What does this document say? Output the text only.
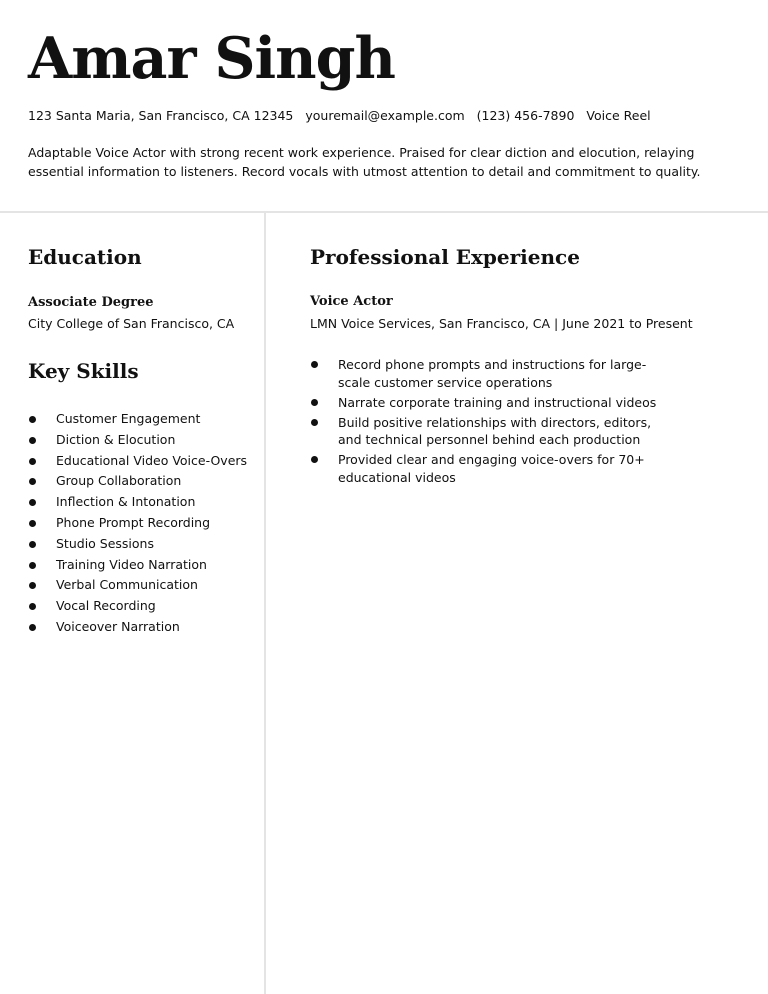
Amar Singh
123 Santa Maria, San Francisco, CA 12345 youremail@example.com (123) 456-7890 Voice Reel
Adaptable Voice Actor with strong recent work experience. Praised for clear diction and elocution, relaying essential information to listeners. Record vocals with utmost attention to detail and commitment to quality.
Education
Associate Degree
City College of San Francisco, CA
Key Skills
Customer Engagement
Diction & Elocution
Educational Video Voice-Overs
Group Collaboration
Inflection & Intonation
Phone Prompt Recording
Studio Sessions
Training Video Narration
Verbal Communication
Vocal Recording
Voiceover Narration
Professional Experience
Voice Actor
LMN Voice Services, San Francisco, CA | June 2021 to Present
Record phone prompts and instructions for large-scale customer service operations
Narrate corporate training and instructional videos
Build positive relationships with directors, editors, and technical personnel behind each production
Provided clear and engaging voice-overs for 70+ educational videos
